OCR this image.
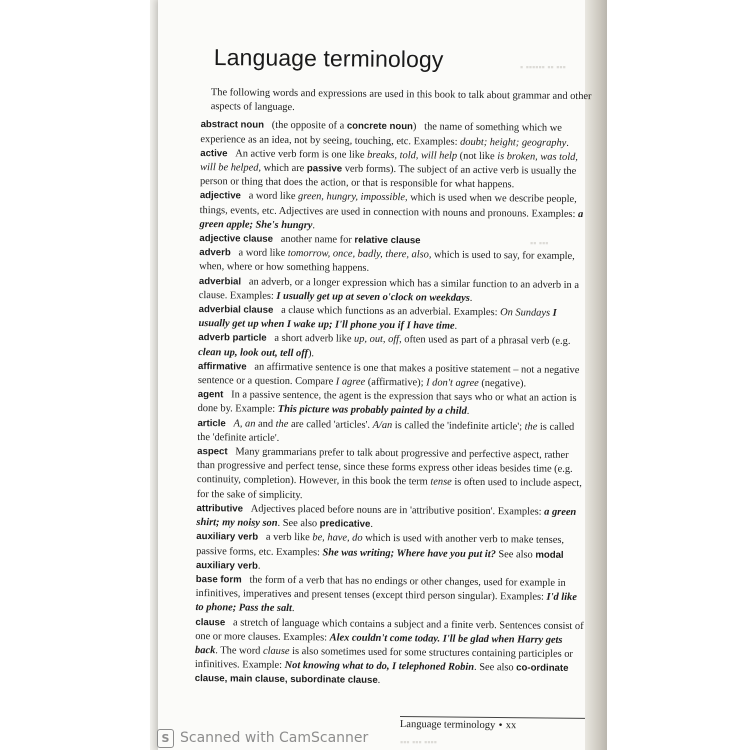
▪ ▪▪▪▪▪▪ ▪▪ ▪▪▪
▪▪ ▪▪▪
▪▪▪ ▪▪▪ ▪▪▪▪
Language terminology

The following words and expressions are used in this book to talk about grammar and other aspects of language.

abstract noun   (the opposite of a concrete noun)   the name of something which we experience as an idea, not by seeing, touching, etc. Examples: doubt; height; geography.

active   An active verb form is one like breaks, told, will help (not like is broken, was told, will be helped, which are passive verb forms). The subject of an active verb is usually the person or thing that does the action, or that is responsible for what happens.

adjective   a word like green, hungry, impossible, which is used when we describe people, things, events, etc. Adjectives are used in connection with nouns and pronouns. Examples: a green apple; She's hungry.

adjective clause   another name for relative clause

adverb   a word like tomorrow, once, badly, there, also, which is used to say, for example, when, where or how something happens.

adverbial   an adverb, or a longer expression which has a similar function to an adverb in a clause. Examples: I usually get up at seven o'clock on weekdays.

adverbial clause   a clause which functions as an adverbial. Examples: On Sundays I usually get up when I wake up; I'll phone you if I have time.

adverb particle   a short adverb like up, out, off, often used as part of a phrasal verb (e.g. clean up, look out, tell off).

affirmative   an affirmative sentence is one that makes a positive statement – not a negative sentence or a question. Compare I agree (affirmative); I don't agree (negative).

agent   In a passive sentence, the agent is the expression that says who or what an action is done by. Example: This picture was probably painted by a child.

article A, an and the are called 'articles'. A/an is called the 'indefinite article'; the is called the 'definite article'.

aspect   Many grammarians prefer to talk about progressive and perfective aspect, rather than progressive and perfect tense, since these forms express other ideas besides time (e.g. continuity, completion). However, in this book the term tense is often used to include aspect, for the sake of simplicity.

attributive   Adjectives placed before nouns are in 'attributive position'. Examples: a green shirt; my noisy son. See also predicative.

auxiliary verb   a verb like be, have, do which is used with another verb to make tenses, passive forms, etc. Examples: She was writing; Where have you put it? See also modal auxiliary verb.

base form   the form of a verb that has no endings or other changes, used for example in infinitives, imperatives and present tenses (except third person singular). Examples: I'd like to phone; Pass the salt.

clause   a stretch of language which contains a subject and a finite verb. Sentences consist of one or more clauses. Examples: Alex couldn't come today. I'll be glad when Harry gets back. The word clause is also sometimes used for some structures containing participles or infinitives. Example: Not knowing what to do, I telephoned Robin. See also co-ordinate clause, main clause, subordinate clause.

Language terminology • xx
S Scanned with CamScanner
